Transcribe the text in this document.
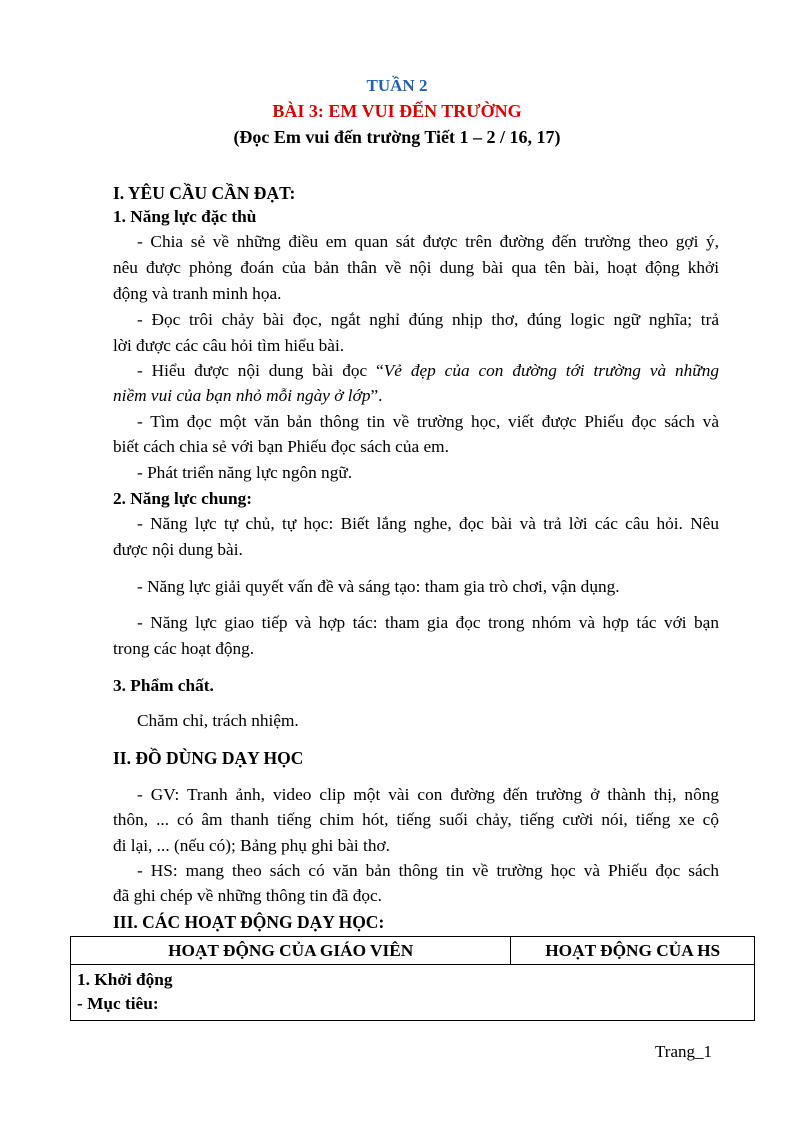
TUẦN 2
BÀI 3: EM VUI ĐẾN TRƯỜNG
(Đọc Em vui đến trường Tiết 1 – 2 / 16, 17)
I. YÊU CẦU CẦN ĐẠT:
1. Năng lực đặc thù
- Chia sẻ về những điều em quan sát được trên đường đến trường theo gợi ý,
nêu được phỏng đoán của bản thân về nội dung bài qua tên bài, hoạt động khởi
động và tranh minh họa.
- Đọc trôi chảy bài đọc, ngắt nghỉ đúng nhịp thơ, đúng logic ngữ nghĩa; trả
lời được các câu hỏi tìm hiểu bài.
- Hiểu được nội dung bài đọc “Vẻ đẹp của con đường tới trường và những
niềm vui của bạn nhỏ mỗi ngày ở lớp”.
- Tìm đọc một văn bản thông tin về trường học, viết được Phiếu đọc sách và
biết cách chia sẻ với bạn Phiếu đọc sách của em.
- Phát triển năng lực ngôn ngữ.
2. Năng lực chung:
- Năng lực tự chủ, tự học: Biết lắng nghe, đọc bài và trả lời các câu hỏi. Nêu
được nội dung bài.
- Năng lực giải quyết vấn đề và sáng tạo: tham gia trò chơi, vận dụng.
- Năng lực giao tiếp và hợp tác: tham gia đọc trong nhóm và hợp tác với bạn
trong các hoạt động.
3. Phẩm chất.
Chăm chỉ, trách nhiệm.
II. ĐỒ DÙNG DẠY HỌC
- GV: Tranh ảnh, video clip một vài con đường đến trường ở thành thị, nông
thôn, ... có âm thanh tiếng chim hót, tiếng suối chảy, tiếng cười nói, tiếng xe cộ
đi lại, ... (nếu có); Bảng phụ ghi bài thơ.
- HS: mang theo sách có văn bản thông tin về trường học và Phiếu đọc sách
đã ghi chép về những thông tin đã đọc.
III. CÁC HOẠT ĐỘNG DẠY HỌC:
HOẠT ĐỘNG CỦA GIÁO VIÊN	HOẠT ĐỘNG CỦA HS

1. Khởi động
- Mục tiêu:
Trang_1
